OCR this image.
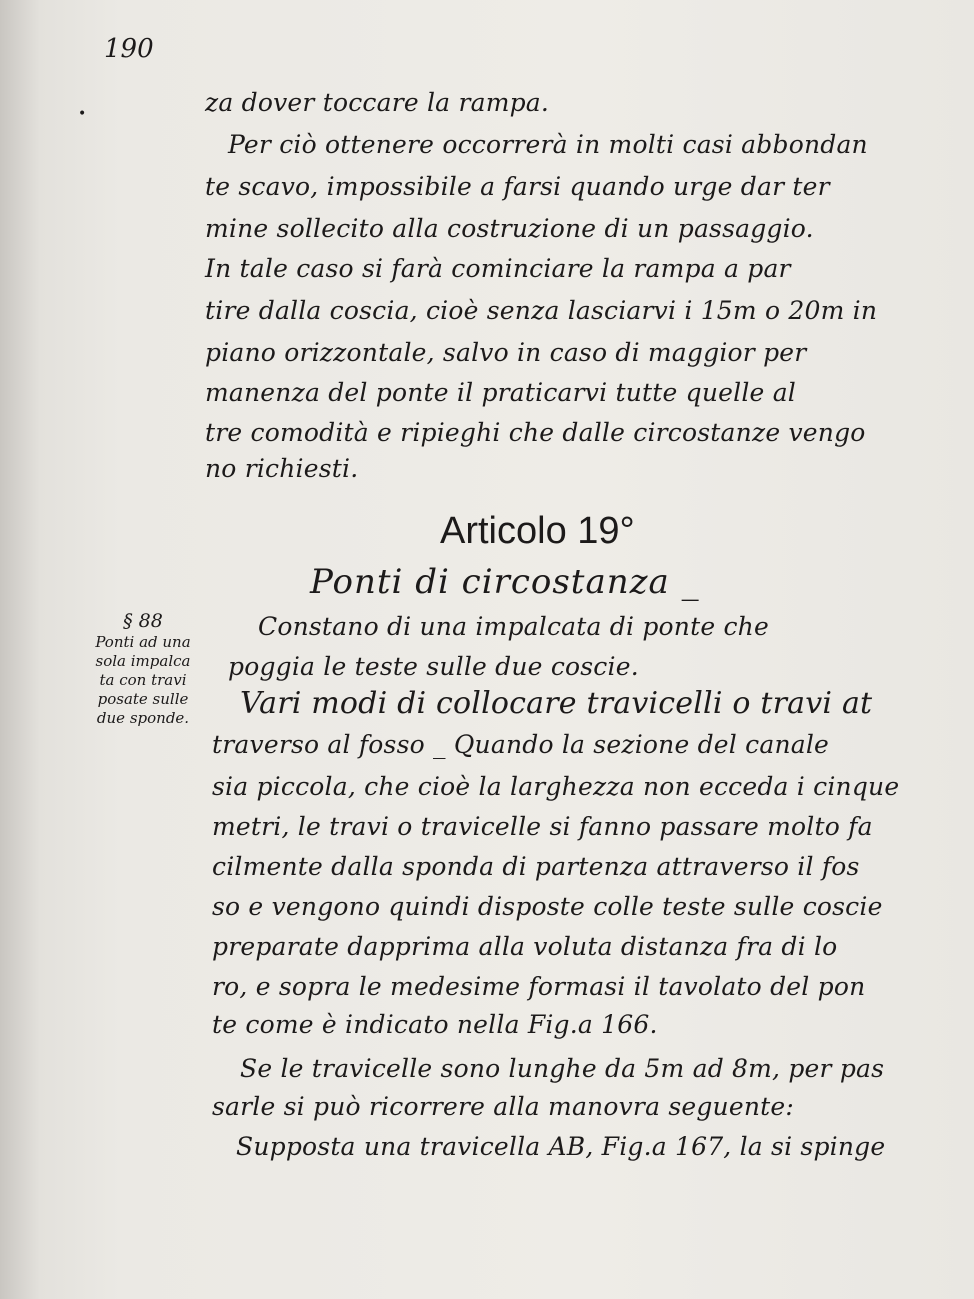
190
•	za dover toccare la rampa.
Per ciò ottenere occorrerà in molti casi abbondan
te scavo, impossibile a farsi quando urge dar ter
mine sollecito alla costruzione di un passaggio.
In tale caso si farà cominciare la rampa a par
tire dalla coscia, cioè senza lasciarvi i 15m o 20m in
piano orizzontale, salvo in caso di maggior per
manenza del ponte il praticarvi tutte quelle al
tre comodità e ripieghi che dalle circostanze vengo
no richiesti.
Articolo 19°
Ponti di circostanza _
§ 88
Ponti ad una
sola impalca
ta con travi
posate sulle
due sponde.
Constano di una impalcata di ponte che
poggia le teste sulle due coscie.
Vari modi di collocare travicelli o travi at
traverso al fosso _ Quando la sezione del canale
sia piccola, che cioè la larghezza non ecceda i cinque
metri, le travi o travicelle si fanno passare molto fa
cilmente dalla sponda di partenza attraverso il fos
so e vengono quindi disposte colle teste sulle coscie
preparate dapprima alla voluta distanza fra di lo
ro, e sopra le medesime formasi il tavolato del pon
te come è indicato nella Fig.a 166.
Se le travicelle sono lunghe da 5m ad 8m, per pas
sarle si può ricorrere alla manovra seguente:
Supposta una travicella AB, Fig.a 167, la si spinge
